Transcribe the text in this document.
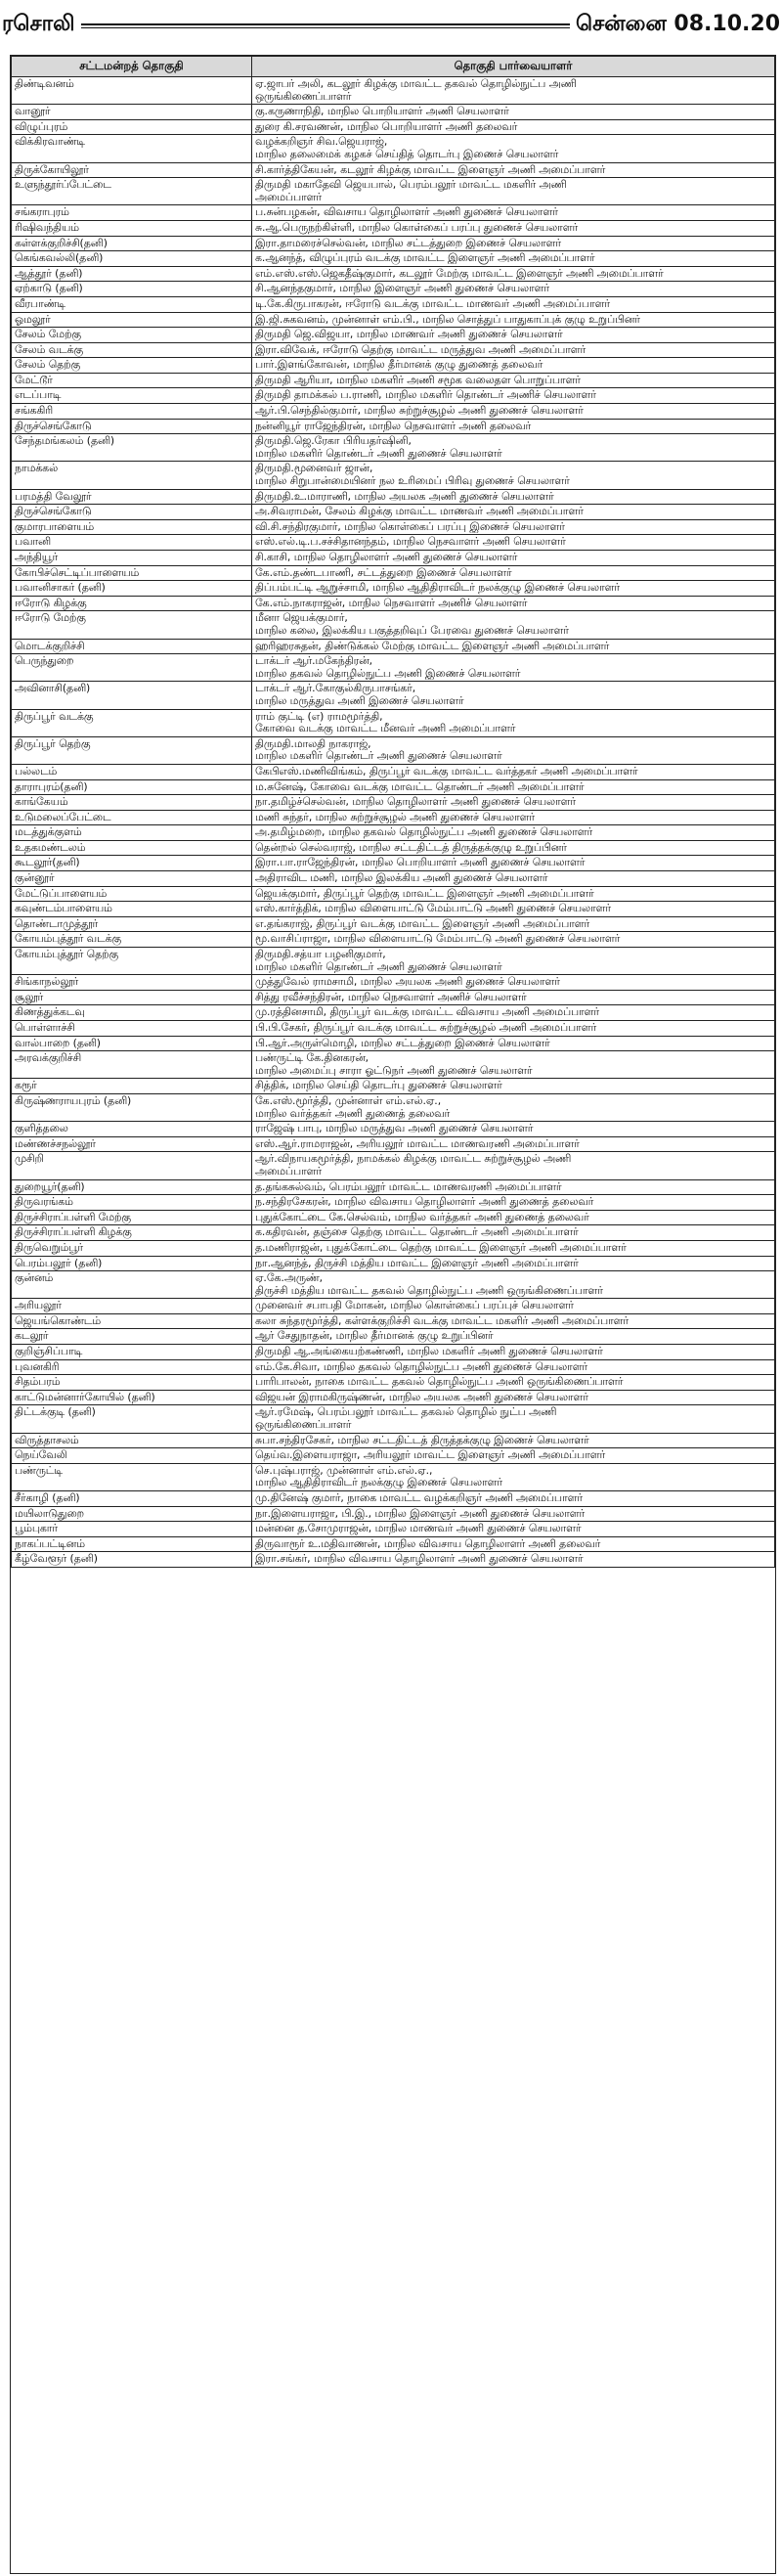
ரசொலி	சென்னை 08.10.20
சட்டமன்றத் தொகுதி	தொகுதி பார்வையாளர்
திண்டிவனம்	ஏ.ஜாபர் அலி, கடலூர் கிழக்கு மாவட்ட தகவல் தொழில்நுட்ப அணி
ஒருங்கிணைப்பாளர்

வானூர்	கு.கருணாநிதி, மாநில பொறியாளர் அணி செயலாளர்

விழுப்புரம்	துரை கி.சரவணன், மாநில பொறியாளர் அணி தலைவர்

விக்கிரவாண்டி	வழக்கறிஞர் சிவ.ஜெயராஜ்,
மாநில தலைமைக் கழகச் செய்தித் தொடர்பு இணைச் செயலாளர்

திருக்கோயிலூர்	சி.கார்த்திகேயன், கடலூர் கிழக்கு மாவட்ட இளைஞர் அணி அமைப்பாளர்

உளுந்தூர்ப்பேட்டை	திருமதி மகாதேவி ஜெயபால், பெரம்பலூர் மாவட்ட மகளிர் அணி
அமைப்பாளர்

சங்கராபுரம்	ப.சுன்பழகன், விவசாய தொழிலாளர் அணி துணைச் செயலாளர்

ரிஷிவந்தியம்	சு.ஆ.பெருநற்கிள்ளி, மாநில கொள்கைப் பரப்பு துணைச் செயலாளர்

கள்ளக்குறிச்சி(தனி)	இரா.தாமரைச்செல்வன், மாநில சட்டத்துறை இணைச் செயலாளர்

கெங்கவல்லி(தனி)	க.ஆனந்த், விழுப்புரம் வடக்கு மாவட்ட இளைஞர் அணி அமைப்பாளர்

ஆத்தூர் (தனி)	எம்.எஸ்.எஸ்.ஜெகதீஷ்குமார், கடலூர் மேற்கு மாவட்ட இளைஞர் அணி அமைப்பாளர்

ஏற்காடு (தனி)	சி.ஆனந்தகுமார், மாநில இளைஞர் அணி துணைச் செயலாளர்

வீரபாண்டி	டி.கே.கிருபாகரன், ஈரோடு வடக்கு மாவட்ட மாணவர் அணி அமைப்பாளர்

ஓமலூர்	இ.ஜி.சுகவனம், முன்னாள் எம்.பி., மாநில சொத்துப் பாதுகாப்புக் குழு உறுப்பினர்

சேலம் மேற்கு	திருமதி ஜெ.விஜயா, மாநில மாணவர் அணி துணைச் செயலாளர்

சேலம் வடக்கு	இரா.விவேக், ஈரோடு தெற்கு மாவட்ட மருத்துவ அணி அமைப்பாளர்

சேலம் தெற்கு	பார்.இளங்கோவன், மாநில தீர்மானக் குழு துணைத் தலைவர்

மேட்டூர்	திருமதி ஆரியா, மாநில மகளிர் அணி சமூக வலைதள பொறுப்பாளர்

எடப்பாடி	திருமதி தாமக்கல் ப.ராணி, மாநில மகளிர் தொண்டர் அணிச் செயலாளர்

சங்ககிரி	ஆர்.பி.செந்தில்குமார், மாநில சுற்றுச்சூழல் அணி துணைச் செயலாளர்

திருச்செங்கோடு	நன்னியூர் ராஜேந்திரன், மாநில நெசவாளர் அணி தலைவர்

சேந்தமங்கலம் (தனி)	திருமதி.ஜெ.ரேகா பிரியதர்ஷினி,
மாநில மகளிர் தொண்டர் அணி துணைச் செயலாளர்

நாமக்கல்	திருமதி.மூனைவர் ஜான்,
மாநில சிறுபான்மையினர் நல உரிமைப் பிரிவு துணைச் செயலாளர்

பரமத்தி வேலூர்	திருமதி.உ.மாராணி, மாநில அயலக அணி துணைச் செயலாளர்

திருச்செங்கோடு	அ.சிவராமன், சேலம் கிழக்கு மாவட்ட மாணவர் அணி அமைப்பாளர்

குமாரபாளையம்	வி.சி.சந்திரகுமார், மாநில கொள்கைப் பரப்பு இணைச் செயலாளர்

பவானி	எஸ்.எல்.டி.ப.சச்சிதானந்தம், மாநில நெசவாளர் அணி செயலாளர்

அந்தியூர்	சி.காசி, மாநில தொழிலாளர் அணி துணைச் செயலாளர்

கோபிச்செட்டிப்பாளையம்	கே.எம்.தண்டபாணி, சட்டத்துறை இணைச் செயலாளர்

பவானிசாகர் (தனி)	திப்பம்பட்டி ஆறுச்சாமி, மாநில ஆதிதிராவிடர் நலக்குழு இணைச் செயலாளர்

ஈரோடு கிழக்கு	கே.எம்.நாகராஜன், மாநில நெசவாளர் அணிச் செயலாளர்

ஈரோடு மேற்கு	மீனா ஜெயக்குமார்,
மாநில கலை, இலக்கிய பகுத்தறிவுப் பேரவை துணைச் செயலாளர்

மொடக்குறிச்சி	ஹரிஹரசுதன், திண்டுக்கல் மேற்கு மாவட்ட இளைஞர் அணி அமைப்பாளர்

பெருந்துறை	டாக்டர் ஆர்.மகேந்திரன்,
மாநில தகவல் தொழில்நுட்ப அணி இணைச் செயலாளர்

அவினாசி(தனி)	டாக்டர் ஆர்.கோகுல்கிருபாசங்கர்,
மாநில மருத்துவ அணி இணைச் செயலாளர்

திருப்பூர் வடக்கு	ராம் குட்டி (எ) ராமமூர்த்தி,
கோவை வடக்கு மாவட்ட மீனவர் அணி அமைப்பாளர்

திருப்பூர் தெற்கு	திருமதி.மாலதி நாகராஜ்,
மாநில மகளிர் தொண்டர் அணி துணைச் செயலாளர்

பல்லடம்	கேபிஎஸ்.மணிவிங்கம், திருப்பூர் வடக்கு மாவட்ட வர்த்தகர் அணி அமைப்பாளர்

தாராபுரம்(தனி)	ம.சுனேஷ், கோவை வடக்கு மாவட்ட தொண்டர் அணி அமைப்பாளர்

காங்கேயம்	நா.தமிழ்ச்செல்வன், மாநில தொழிலாளர் அணி துணைச் செயலாளர்

உடுமலைப்பேட்டை	மணி சுந்தர், மாநில சுற்றுச்சூழல் அணி துணைச் செயலாளர்

மடத்துக்குளம்	அ.தமிழ்மறை, மாநில தகவல் தொழில்நுட்ப அணி துணைச் செயலாளர்

உதகமண்டலம்	தென்றல் செல்வராஜ், மாநில சட்டதிட்டத் திருத்தக்குழு உறுப்பினர்

கூடலூர்(தனி)	இரா.பா.ராஜேந்திரன், மாநில பொறியாளர் அணி துணைச் செயலாளர்

குன்னூர்	அதிராவிட மணி, மாநில இலக்கிய அணி துணைச் செயலாளர்

மேட்டுப்பாளையம்	ஜெயக்குமார், திருப்பூர் தெற்கு மாவட்ட இளைஞர் அணி அமைப்பாளர்

கவுண்டம்பாளையம்	எஸ்.கார்த்திக், மாநில விளையாட்டு மேம்பாட்டு அணி துணைச் செயலாளர்

தொண்டாமுத்தூர்	எ.தங்கராஜ், திருப்பூர் வடக்கு மாவட்ட இளைஞர் அணி அமைப்பாளர்

கோயம்புத்தூர் வடக்கு	மூ.வாசிப்ராஜா, மாநில விளையாட்டு மேம்பாட்டு அணி துணைச் செயலாளர்

கோயம்புத்தூர் தெற்கு	திருமதி.சத்யா பழனிகுமார்,
மாநில மகளிர் தொண்டர் அணி துணைச் செயலாளர்

சிங்காநல்லூர்	முத்துவேல் ராமசாமி, மாநில அயலக அணி துணைச் செயலாளர்

சூலூர்	சித்து ரவீச்சந்திரன், மாநில நெசவாளர் அணிச் செயலாளர்

கிணத்துக்கடவு	மு.ரத்தினசாமி, திருப்பூர் வடக்கு மாவட்ட விவசாய அணி அமைப்பாளர்

பொள்ளாச்சி	பி.பி.சேகர், திருப்பூர் வடக்கு மாவட்ட சுற்றுச்சூழல் அணி அமைப்பாளர்

வால்பாறை (தனி)	பி.ஆர்.அருள்மொழி, மாநில சட்டத்துறை இணைச் செயலாளர்

அரவக்குறிச்சி	பண்ருட்டி கே.தினகரன்,
மாநில அமைப்பு சாரா ஓட்டுநர் அணி துணைச் செயலாளர்

கரூர்	சித்திக், மாநில செய்தி தொடர்பு துணைச் செயலாளர்

கிருஷ்ணராயபுரம் (தனி)	கே.எஸ்.மூர்த்தி, முன்னாள் எம்.எல்.ஏ.,
மாநில வர்த்தகர் அணி துணைத் தலைவர்

குளித்தலை	ராஜேஷ் பாபு, மாநில மருத்துவ அணி துணைச் செயலாளர்

மண்ணச்சநல்லூர்	எஸ்.ஆர்.ராமராஜன், அரியலூர் மாவட்ட மாணவரணி அமைப்பாளர்

முசிறி	ஆர்.விநாயகமூர்த்தி, நாமக்கல் கிழக்கு மாவட்ட சுற்றுச்சூழல் அணி
அமைப்பாளர்

துறையூர்(தனி)	த.தங்கசுல்வம், பெரம்பலூர் மாவட்ட மாணவரணி அமைப்பாளர்

திருவரங்கம்	ந.சந்திரசேகரன், மாநில விவசாய தொழிலாளர் அணி துணைத் தலைவர்

திருச்சிராப்பள்ளி மேற்கு	புதுக்கோட்டை கே.செல்வம், மாநில வர்த்தகர் அணி துணைத் தலைவர்

திருச்சிராப்பள்ளி கிழக்கு	க.கதிரவன், தஞ்சை தெற்கு மாவட்ட தொண்டர் அணி அமைப்பாளர்

திருவெறும்பூர்	த.மணிராஜன், புதுக்கோட்டை தெற்கு மாவட்ட இளைஞர் அணி அமைப்பாளர்

பெரம்பலூர் (தனி)	நா.ஆனந்த், திருச்சி மத்திய மாவட்ட இளைஞர் அணி அமைப்பாளர்

குன்னம்	ஏ.கே.அருண்,
திருச்சி மத்திய மாவட்ட தகவல் தொழில்நுட்ப அணி ஒருங்கிணைப்பாளர்

அரியலூர்	முனைவர் சபாபதி மோகன், மாநில கொள்கைப் பரப்புச் செயலாளர்

ஜெயங்கொண்டம்	கலா சுந்தரமூர்த்தி, கள்ளக்குறிச்சி வடக்கு மாவட்ட மகளிர் அணி அமைப்பாளர்

கடலூர்	ஆர் சேதுநாதன், மாநில தீர்மானக் குழு உறுப்பினர்

குறிஞ்சிப்பாடி	திருமதி ஆ.அங்கையற்கண்ணி, மாநில மகளிர் அணி துணைச் செயலாளர்

புவனகிரி	எம்.கே.சிவா, மாநில தகவல் தொழில்நுட்ப அணி துணைச் செயலாளர்

சிதம்பரம்	பாரிபாலன், நாகை மாவட்ட தகவல் தொழில்நுட்ப அணி ஒருங்கிணைப்பாளர்

காட்டுமன்னார்கோயில் (தனி)	விஜயன் இராமகிருஷ்ணன், மாநில அயலக அணி துணைச் செயலாளர்

திட்டக்குடி (தனி)	ஆர்.ரமேஷ், பெரம்பலூர் மாவட்ட தகவல் தொழில் நுட்ப அணி
ஒருங்கிணைப்பாளர்

விருத்தாசலம்	சுபா.சந்திரசேகர், மாநில சட்டதிட்டத் திருத்தக்குழு இணைச் செயலாளர்

நெய்வேலி	தெய்வ.இளையராஜா, அரியலூர் மாவட்ட இளைஞர் அணி அமைப்பாளர்

பண்ருட்டி	செ.புஷ்பராஜ், முன்னாள் எம்.எல்.ஏ.,
மாநில ஆதிதிராவிடர் நலக்குழு இணைச் செயலாளர்

சீர்காழி (தனி)	மு.தினேஷ் குமார், நாகை மாவட்ட வழக்கறிஞர் அணி அமைப்பாளர்

மயிலாடுதுறை	நா.இளையராஜா, பி.இ., மாநில இளைஞர் அணி துணைச் செயலாளர்

பூம்புகார்	மன்னை த.சோமுராஜன், மாநில மாணவர் அணி துணைச் செயலாளர்

நாகப்பட்டினம்	திருவாரூர் உ.மதிவாணன், மாநில விவசாய தொழிலாளர் அணி தலைவர்

கீழ்வேளூர் (தனி)	இரா.சங்கர், மாநில விவசாய தொழிலாளர் அணி துணைச் செயலாளர்
